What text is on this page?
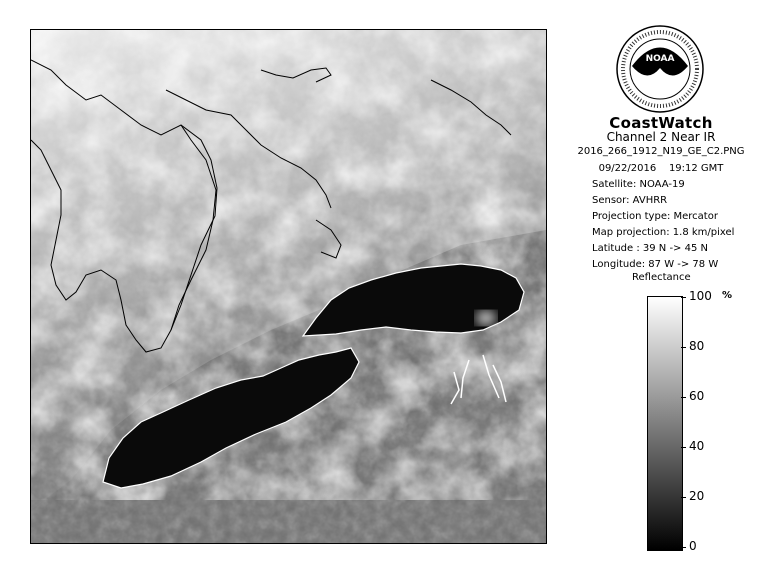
NOAA
CoastWatch
Channel 2 Near IR
2016_266_1912_N19_GE_C2.PNG
09/22/2016 19:12 GMT
Satellite: NOAA-19
Sensor: AVHRR
Projection type: Mercator
Map projection: 1.8 km/pixel
Latitude : 39 N -> 45 N
Longitude: 87 W -> 78 W
Reflectance
%
0
20
40
60
80
100
